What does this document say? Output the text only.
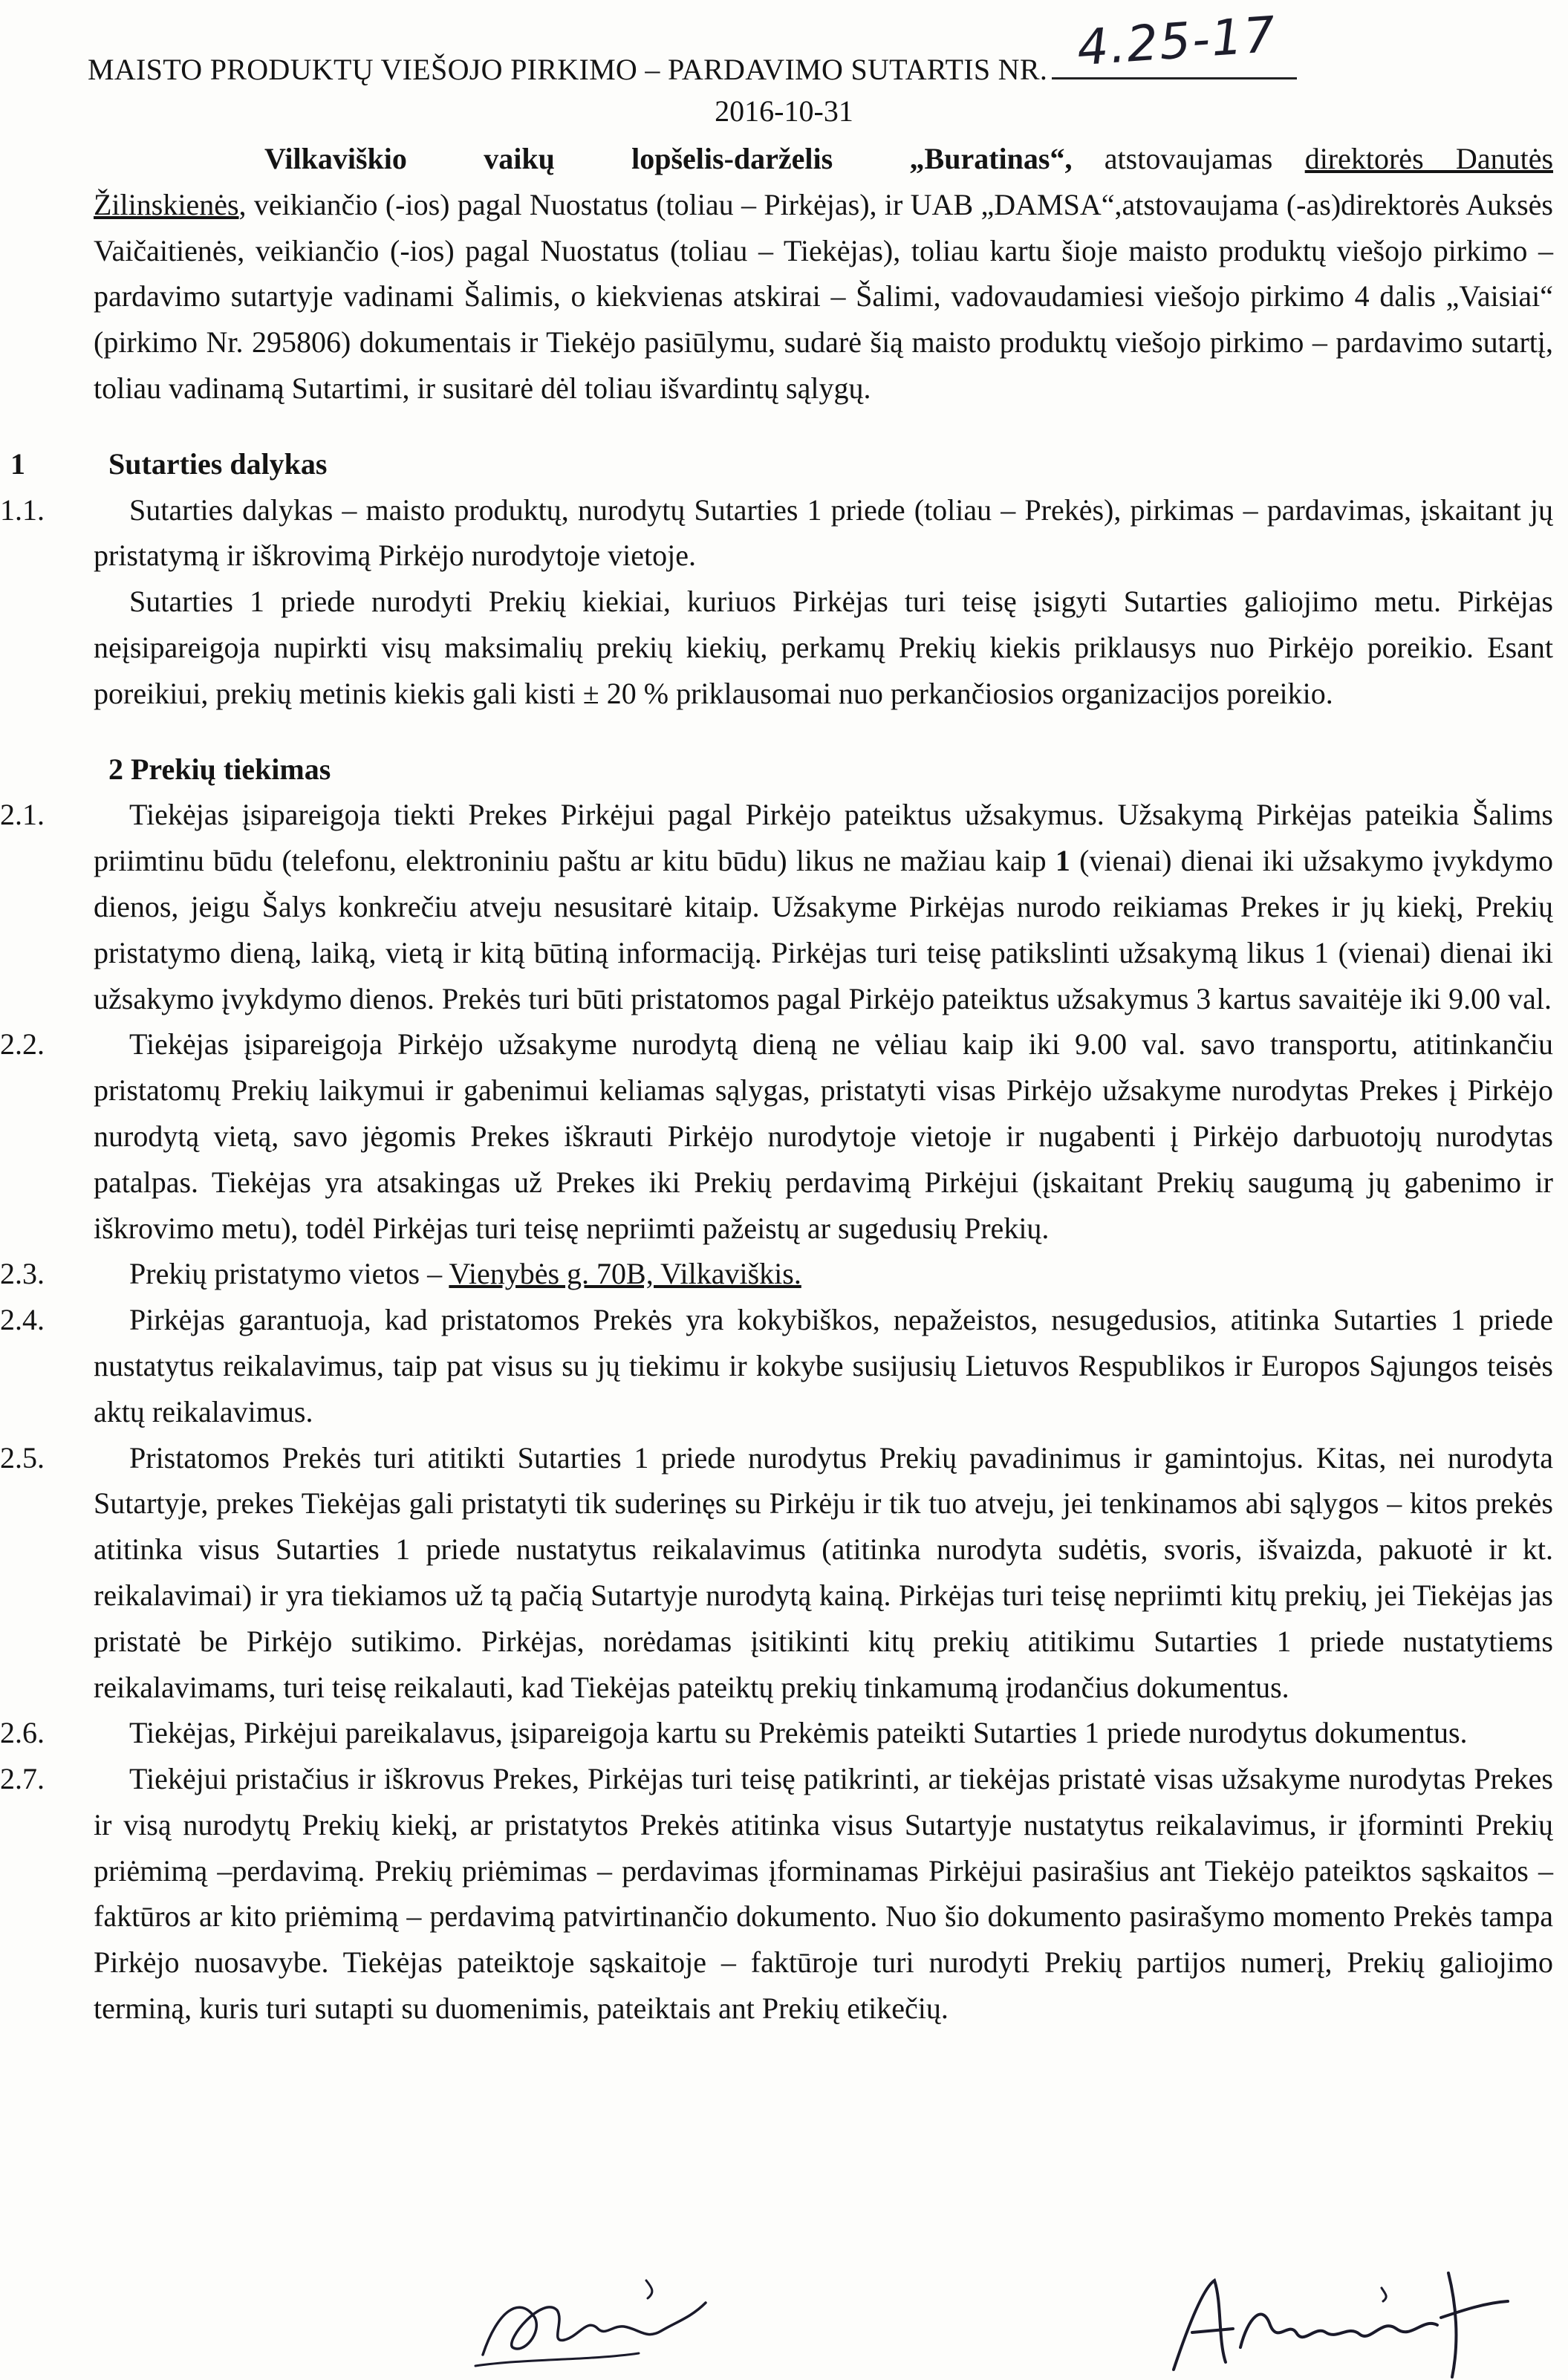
MAISTO PRODUKTŲ VIEŠOJO PIRKIMO – PARDAVIMO SUTARTIS NR. 4.25-17
2016-10-31

Vilkaviškio vaikų lopšelis-darželis „Buratinas“, atstovaujamas direktorės Danutės Žilinskienės, veikiančio (-ios) pagal Nuostatus (toliau – Pirkėjas), ir UAB „DAMSA“,atstovaujama (-as)direktorės Auksės Vaičaitienės, veikiančio (-ios) pagal Nuostatus (toliau – Tiekėjas), toliau kartu šioje maisto produktų viešojo pirkimo – pardavimo sutartyje vadinami Šalimis, o kiekvienas atskirai – Šalimi, vadovaudamiesi viešojo pirkimo 4 dalis „Vaisiai“ (pirkimo Nr. 295806) dokumentais ir Tiekėjo pasiūlymu, sudarė šią maisto produktų viešojo pirkimo – pardavimo sutartį, toliau vadinamą Sutartimi, ir susitarė dėl toliau išvardintų sąlygų.

1	Sutarties dalykas

1.1.	Sutarties dalykas – maisto produktų, nurodytų Sutarties 1 priede (toliau – Prekės), pirkimas – pardavimas, įskaitant jų pristatymą ir iškrovimą Pirkėjo nurodytoje vietoje.

Sutarties 1 priede nurodyti Prekių kiekiai, kuriuos Pirkėjas turi teisę įsigyti Sutarties galiojimo metu. Pirkėjas neįsipareigoja nupirkti visų maksimalių prekių kiekių, perkamų Prekių kiekis priklausys nuo Pirkėjo poreikio. Esant poreikiui, prekių metinis kiekis gali kisti ± 20 % priklausomai nuo perkančiosios organizacijos poreikio.

2 Prekių tiekimas

2.1.	Tiekėjas įsipareigoja tiekti Prekes Pirkėjui pagal Pirkėjo pateiktus užsakymus. Užsakymą Pirkėjas pateikia Šalims priimtinu būdu (telefonu, elektroniniu paštu ar kitu būdu) likus ne mažiau kaip 1 (vienai) dienai iki užsakymo įvykdymo dienos, jeigu Šalys konkrečiu atveju nesusitarė kitaip. Užsakyme Pirkėjas nurodo reikiamas Prekes ir jų kiekį, Prekių pristatymo dieną, laiką, vietą ir kitą būtiną informaciją. Pirkėjas turi teisę patikslinti užsakymą likus 1 (vienai) dienai iki užsakymo įvykdymo dienos. Prekės turi būti pristatomos pagal Pirkėjo pateiktus užsakymus 3 kartus savaitėje iki 9.00 val.

2.2.	Tiekėjas įsipareigoja Pirkėjo užsakyme nurodytą dieną ne vėliau kaip iki 9.00 val. savo transportu, atitinkančiu pristatomų Prekių laikymui ir gabenimui keliamas sąlygas, pristatyti visas Pirkėjo užsakyme nurodytas Prekes į Pirkėjo nurodytą vietą, savo jėgomis Prekes iškrauti Pirkėjo nurodytoje vietoje ir nugabenti į Pirkėjo darbuotojų nurodytas patalpas. Tiekėjas yra atsakingas už Prekes iki Prekių perdavimą Pirkėjui (įskaitant Prekių saugumą jų gabenimo ir iškrovimo metu), todėl Pirkėjas turi teisę nepriimti pažeistų ar sugedusių Prekių.

2.3.	Prekių pristatymo vietos – Vienybės g. 70B, Vilkaviškis.

2.4.	Pirkėjas garantuoja, kad pristatomos Prekės yra kokybiškos, nepažeistos, nesugedusios, atitinka Sutarties 1 priede nustatytus reikalavimus, taip pat visus su jų tiekimu ir kokybe susijusių Lietuvos Respublikos ir Europos Sąjungos teisės aktų reikalavimus.

2.5.	Pristatomos Prekės turi atitikti Sutarties 1 priede nurodytus Prekių pavadinimus ir gamintojus. Kitas, nei nurodyta Sutartyje, prekes Tiekėjas gali pristatyti tik suderinęs su Pirkėju ir tik tuo atveju, jei tenkinamos abi sąlygos – kitos prekės atitinka visus Sutarties 1 priede nustatytus reikalavimus (atitinka nurodyta sudėtis, svoris, išvaizda, pakuotė ir kt. reikalavimai) ir yra tiekiamos už tą pačią Sutartyje nurodytą kainą. Pirkėjas turi teisę nepriimti kitų prekių, jei Tiekėjas jas pristatė be Pirkėjo sutikimo. Pirkėjas, norėdamas įsitikinti kitų prekių atitikimu Sutarties 1 priede nustatytiems reikalavimams, turi teisę reikalauti, kad Tiekėjas pateiktų prekių tinkamumą įrodančius dokumentus.

2.6.	Tiekėjas, Pirkėjui pareikalavus, įsipareigoja kartu su Prekėmis pateikti Sutarties 1 priede nurodytus dokumentus.

2.7.	Tiekėjui pristačius ir iškrovus Prekes, Pirkėjas turi teisę patikrinti, ar tiekėjas pristatė visas užsakyme nurodytas Prekes ir visą nurodytų Prekių kiekį, ar pristatytos Prekės atitinka visus Sutartyje nustatytus reikalavimus, ir įforminti Prekių priėmimą –perdavimą. Prekių priėmimas – perdavimas įforminamas Pirkėjui pasirašius ant Tiekėjo pateiktos sąskaitos – faktūros ar kito priėmimą – perdavimą patvirtinančio dokumento. Nuo šio dokumento pasirašymo momento Prekės tampa Pirkėjo nuosavybe. Tiekėjas pateiktoje sąskaitoje – faktūroje turi nurodyti Prekių partijos numerį, Prekių galiojimo terminą, kuris turi sutapti su duomenimis, pateiktais ant Prekių etikečių.
